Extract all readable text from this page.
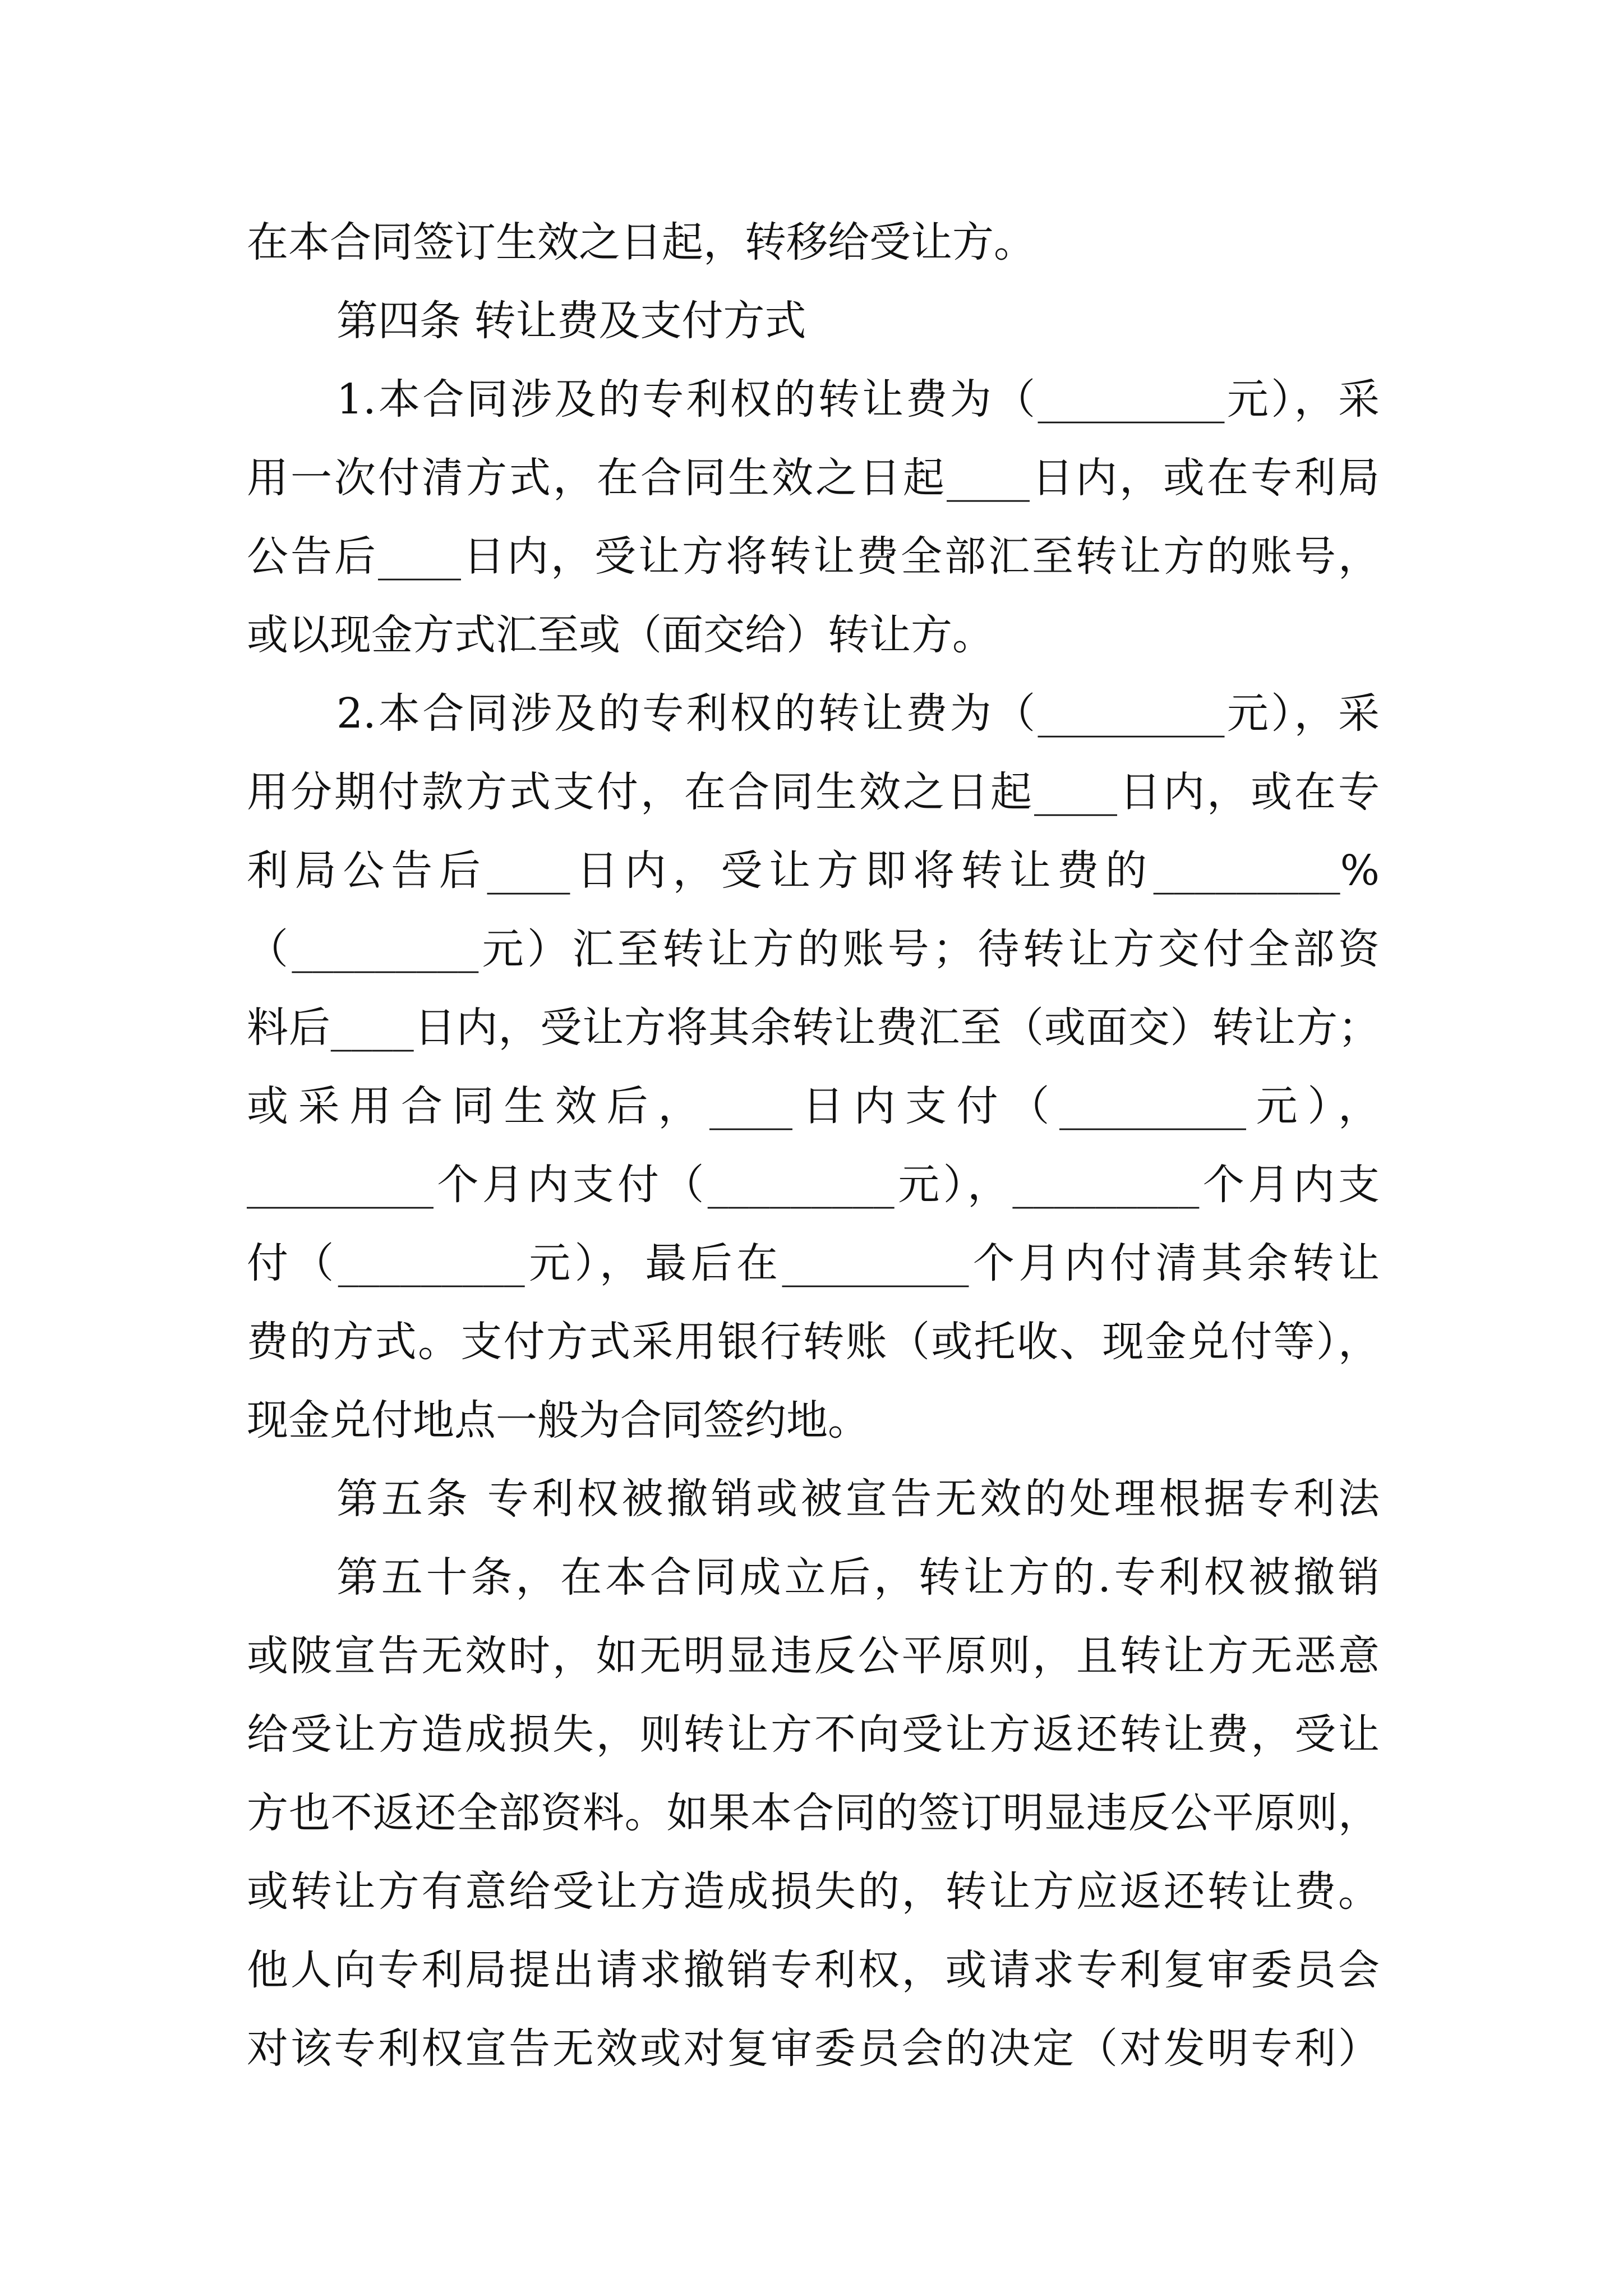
在本合同签订生效之日起，转移给受让方。
第四条 转让费及支付方式
1.本合同涉及的专利权的转让费为（_________元），采
用一次付清方式，在合同生效之日起____日内，或在专利局
公告后____日内，受让方将转让费全部汇至转让方的账号，
或以现金方式汇至或（面交给）转让方。
2.本合同涉及的专利权的转让费为（_________元），采
用分期付款方式支付，在合同生效之日起____日内，或在专
利局公告后____日内，受让方即将转让费的_________%
（_________元）汇至转让方的账号；待转让方交付全部资
料后____日内，受让方将其余转让费汇至（或面交）转让方；
或采用合同生效后，____日内支付（_________元），
_________个月内支付（_________元），_________个月内支
付（_________元），最后在_________个月内付清其余转让
费的方式。支付方式采用银行转账（或托收、现金兑付等），
现金兑付地点一般为合同签约地。
第五条 专利权被撤销或被宣告无效的处理根据专利法
第五十条，在本合同成立后，转让方的.专利权被撤销
或陂宣告无效时，如无明显违反公平原则，且转让方无恶意
给受让方造成损失，则转让方不向受让方返还转让费，受让
方也不返还全部资料。如果本合同的签订明显违反公平原则，
或转让方有意给受让方造成损失的，转让方应返还转让费。
他人向专利局提出请求撤销专利权，或请求专利复审委员会
对该专利权宣告无效或对复审委员会的决定（对发明专利）
